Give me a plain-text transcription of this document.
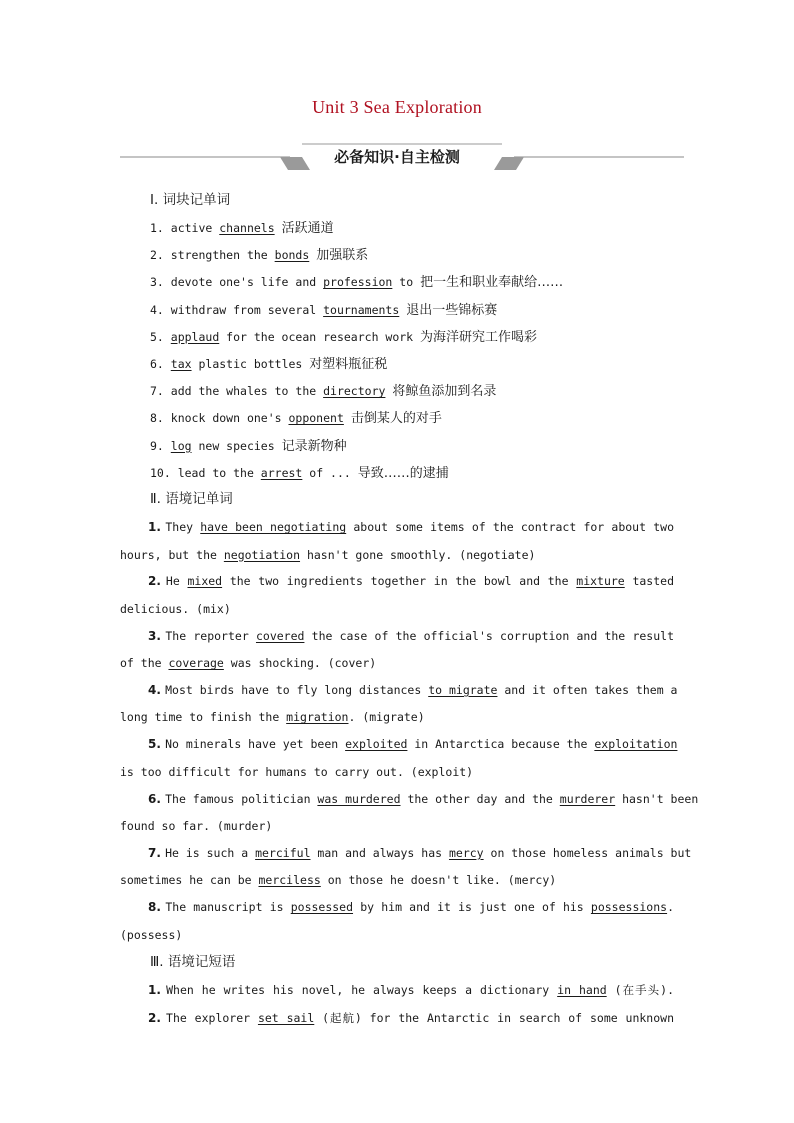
Unit 3 Sea Exploration
必备知识·自主检测
Ⅰ. 词块记单词
1. active channels 活跃通道
2. strengthen the bonds 加强联系
3. devote one's life and profession to 把一生和职业奉献给……
4. withdraw from several tournaments 退出一些锦标赛
5. applaud for the ocean research work 为海洋研究工作喝彩
6. tax plastic bottles 对塑料瓶征税
7. add the whales to the directory 将鲸鱼添加到名录
8. knock down one's opponent 击倒某人的对手
9. log new species 记录新物种
10. lead to the arrest of ... 导致……的逮捕
Ⅱ. 语境记单词
1. They have been negotiating about some items of the contract for about two
hours, but the negotiation hasn't gone smoothly. (negotiate)
2. He mixed the two ingredients together in the bowl and the mixture tasted
delicious. (mix)
3. The reporter covered the case of the official's corruption and the result
of the coverage was shocking. (cover)
4. Most birds have to fly long distances to migrate and it often takes them a
long time to finish the migration. (migrate)
5. No minerals have yet been exploited in Antarctica because the exploitation
is too difficult for humans to carry out. (exploit)
6. The famous politician was murdered the other day and the murderer hasn't been
found so far. (murder)
7. He is such a merciful man and always has mercy on those homeless animals but
sometimes he can be merciless on those he doesn't like. (mercy)
8. The manuscript is possessed by him and it is just one of his possessions.
(possess)
Ⅲ. 语境记短语
1. When he writes his novel, he always keeps a dictionary in hand (在手头).
2. The explorer set sail (起航) for the Antarctic in search of some unknown
